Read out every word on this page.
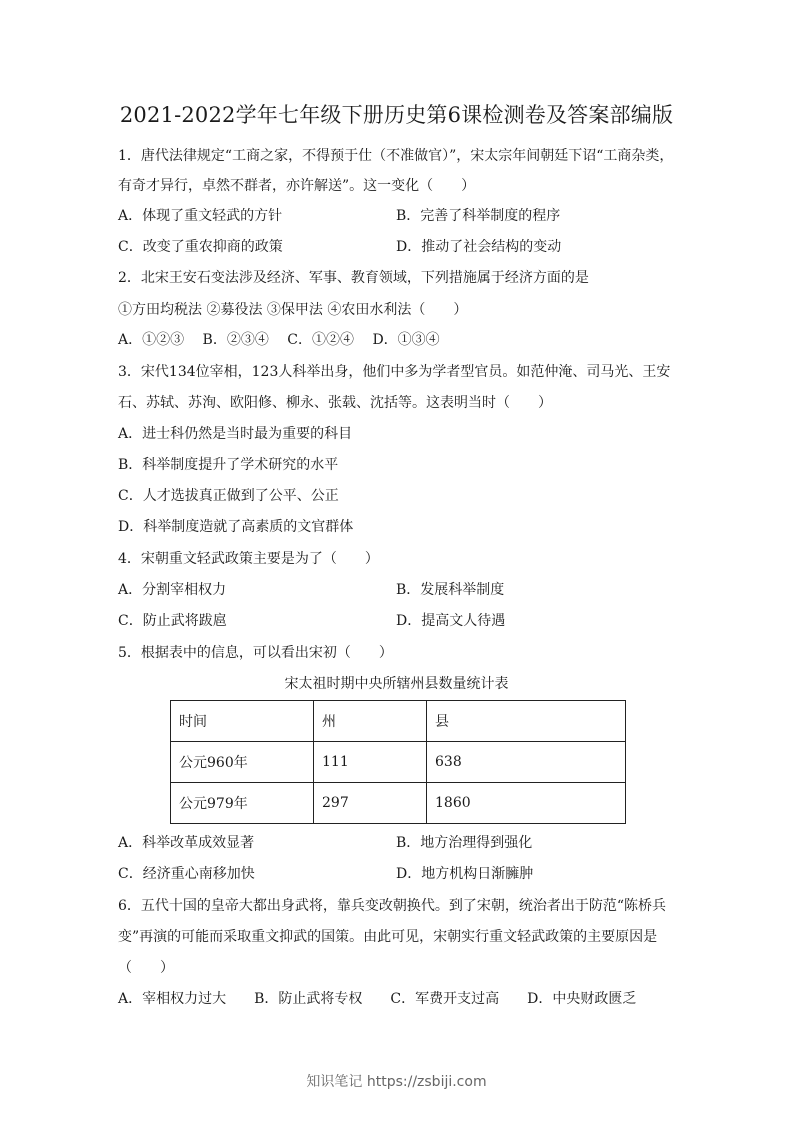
2021-2022学年七年级下册历史第6课检测卷及答案部编版
1．唐代法律规定“工商之家，不得预于仕（不准做官）”，宋太宗年间朝廷下诏“工商杂类，
有奇才异行，卓然不群者，亦许解送”。这一变化（　　）
A．体现了重文轻武的方针	B．完善了科举制度的程序
C．改变了重农抑商的政策	D．推动了社会结构的变动
2．北宋王安石变法涉及经济、军事、教育领域，下列措施属于经济方面的是
①方田均税法 ②募役法 ③保甲法 ④农田水利法（　　）
A．①②③　 B．②③④　 C．①②④　 D．①③④
3．宋代134位宰相，123人科举出身，他们中多为学者型官员。如范仲淹、司马光、王安
石、苏轼、苏洵、欧阳修、柳永、张载、沈括等。这表明当时（　　）
A．进士科仍然是当时最为重要的科目
B．科举制度提升了学术研究的水平
C．人才选拔真正做到了公平、公正
D．科举制度造就了高素质的文官群体
4．宋朝重文轻武政策主要是为了（　　）
A．分割宰相权力	B．发展科举制度
C．防止武将跋扈	D．提高文人待遇
5．根据表中的信息，可以看出宋初（　　）
宋太祖时期中央所辖州县数量统计表
时间	州	县
公元960年	111	638
公元979年	297	1860
A．科举改革成效显著	B．地方治理得到强化
C．经济重心南移加快	D．地方机构日渐臃肿
6．五代十国的皇帝大都出身武将，靠兵变改朝换代。到了宋朝，统治者出于防范“陈桥兵
变”再演的可能而采取重文抑武的国策。由此可见，宋朝实行重文轻武政策的主要原因是
（　　）
A．宰相权力过大　　B．防止武将专权　　C．军费开支过高　　D．中央财政匮乏
知识笔记 https://zsbiji.com
